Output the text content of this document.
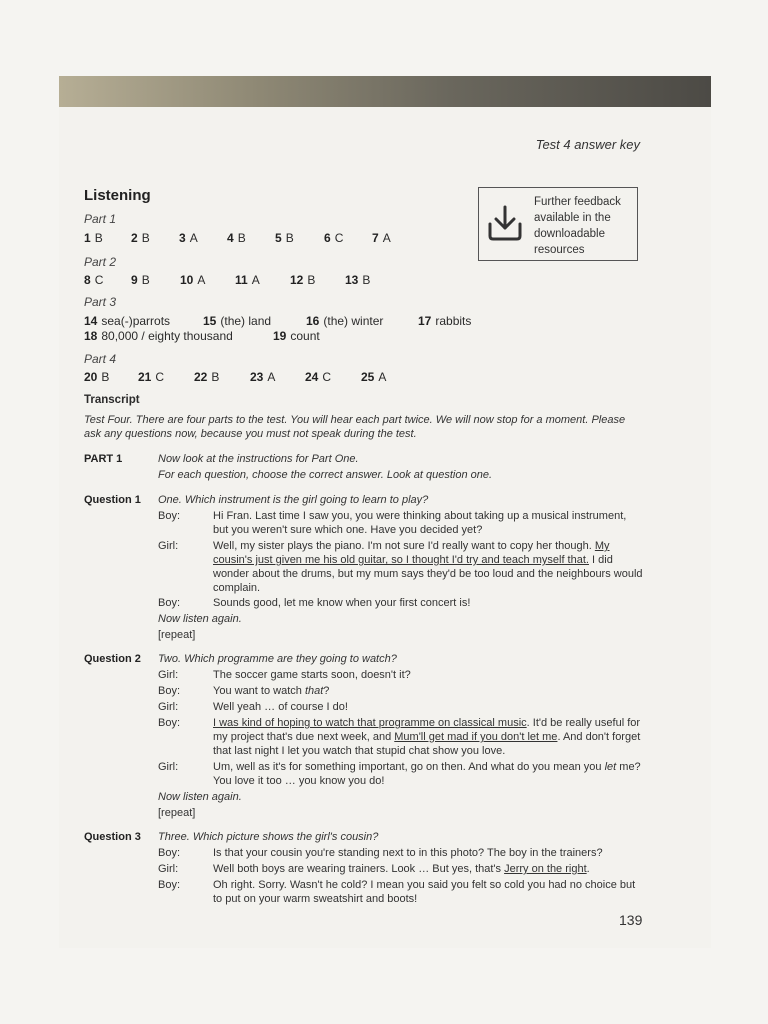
Test 4 answer key
Listening	Further feedback available in the downloadable resources
Part 1
1 B 2 B 3 A 4 B 5 B	6 C 7 A
Part 2
8 C 9 B	10 A 11 A	12 B 13 B
Part 3
14 sea(-)parrots	15 (the) land	16 (the) winter	17 rabbits
18 80,000 / eighty thousand	19 count
Part 4
20 B 21 C 22 B	23 A 24 C 25 A
Transcript
Test Four. There are four parts to the test. You will hear each part twice. We will now stop for a moment. Please ask any questions now, because you must not speak during the test.
PART 1	Now look at the instructions for Part One.
For each question, choose the correct answer. Look at question one.
Question 1 One. Which instrument is the girl going to learn to play?
Boy:	Hi Fran. Last time I saw you, you were thinking about taking up a musical instrument, but you weren't sure which one. Have you decided yet?
Girl:	Well, my sister plays the piano. I'm not sure I'd really want to copy her though. My cousin's just given me his old guitar, so I thought I'd try and teach myself that. I did wonder about the drums, but my mum says they'd be too loud and the neighbours would complain.
Boy:	Sounds good, let me know when your first concert is!
Now listen again.
[repeat]
Question 2 Two. Which programme are they going to watch?
Girl:	The soccer game starts soon, doesn't it?
Boy:	You want to watch that?
Girl:	Well yeah … of course I do!
Boy:	I was kind of hoping to watch that programme on classical music. It'd be really useful for my project that's due next week, and Mum'll get mad if you don't let me. And don't forget that last night I let you watch that stupid chat show you love.
Girl:	Um, well as it's for something important, go on then. And what do you mean you let me? You love it too … you know you do!
Now listen again.
[repeat]
Question 3 Three. Which picture shows the girl's cousin?
Boy:	Is that your cousin you're standing next to in this photo? The boy in the trainers?
Girl:	Well both boys are wearing trainers. Look … But yes, that's Jerry on the right.
Boy:	Oh right. Sorry. Wasn't he cold? I mean you said you felt so cold you had no choice but to put on your warm sweatshirt and boots!
139
